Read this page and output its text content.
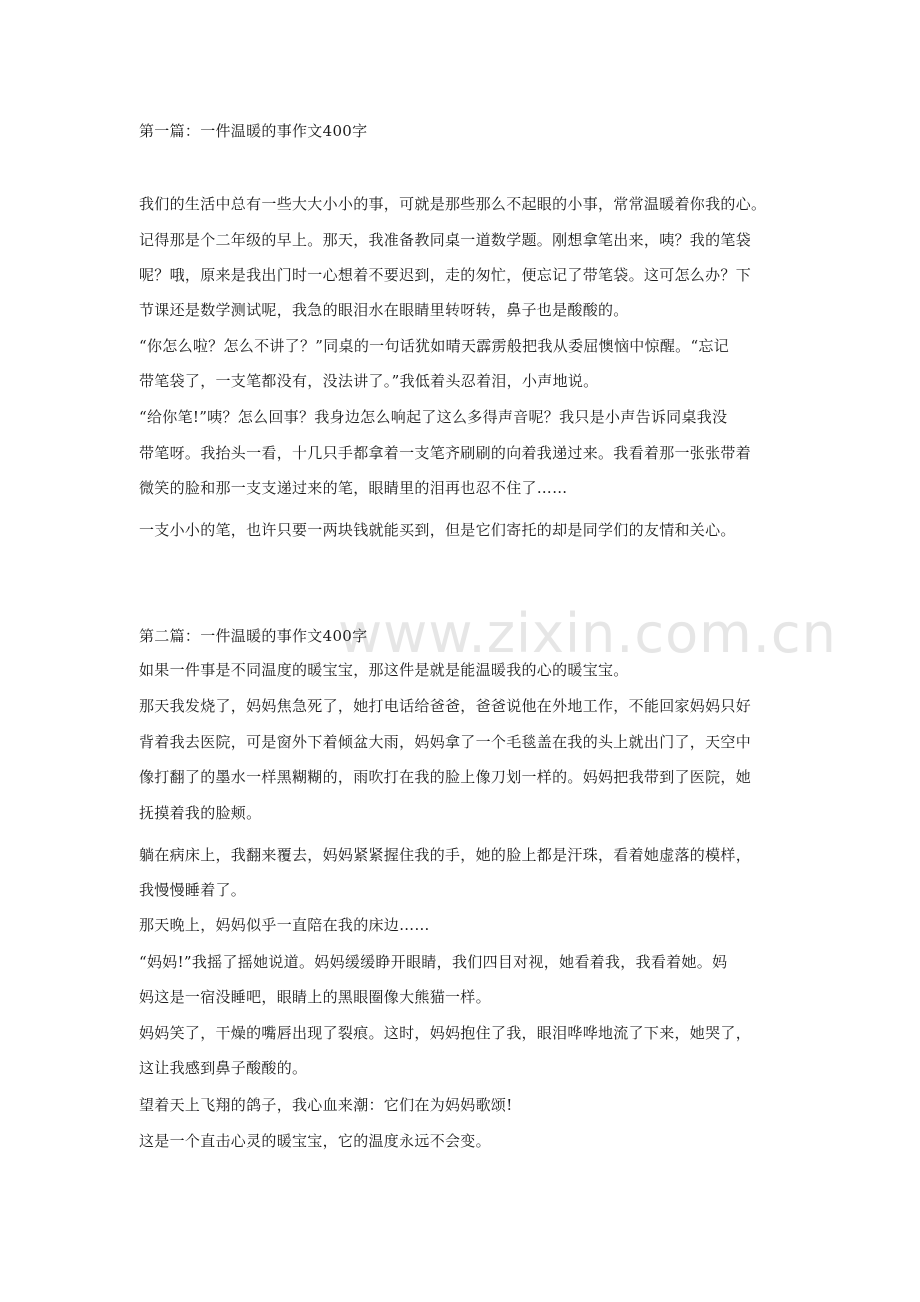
www.zixin.com.cn
第一篇：一件温暖的事作文400字
我们的生活中总有一些大大小小的事，可就是那些那么不起眼的小事，常常温暖着你我的心。
记得那是个二年级的早上。那天，我准备教同桌一道数学题。刚想拿笔出来，咦？我的笔袋
呢？哦，原来是我出门时一心想着不要迟到，走的匆忙，便忘记了带笔袋。这可怎么办？下
节课还是数学测试呢，我急的眼泪水在眼睛里转呀转，鼻子也是酸酸的。
“你怎么啦？怎么不讲了？”同桌的一句话犹如晴天霹雳般把我从委屈懊恼中惊醒。“忘记
带笔袋了，一支笔都没有，没法讲了。”我低着头忍着泪，小声地说。
“给你笔!”咦？怎么回事？我身边怎么响起了这么多得声音呢？我只是小声告诉同桌我没
带笔呀。我抬头一看，十几只手都拿着一支笔齐刷刷的向着我递过来。我看着那一张张带着
微笑的脸和那一支支递过来的笔，眼睛里的泪再也忍不住了……
一支小小的笔，也许只要一两块钱就能买到，但是它们寄托的却是同学们的友情和关心。
第二篇：一件温暖的事作文400字
如果一件事是不同温度的暖宝宝，那这件是就是能温暖我的心的暖宝宝。
那天我发烧了，妈妈焦急死了，她打电话给爸爸，爸爸说他在外地工作，不能回家妈妈只好
背着我去医院，可是窗外下着倾盆大雨，妈妈拿了一个毛毯盖在我的头上就出门了，天空中
像打翻了的墨水一样黑糊糊的，雨吹打在我的脸上像刀划一样的。妈妈把我带到了医院，她
抚摸着我的脸颊。
躺在病床上，我翻来覆去，妈妈紧紧握住我的手，她的脸上都是汗珠，看着她虚落的模样，
我慢慢睡着了。
那天晚上，妈妈似乎一直陪在我的床边……
“妈妈!”我摇了摇她说道。妈妈缓缓睁开眼睛，我们四目对视，她看着我，我看着她。妈
妈这是一宿没睡吧，眼睛上的黑眼圈像大熊猫一样。
妈妈笑了，干燥的嘴唇出现了裂痕。这时，妈妈抱住了我，眼泪哗哗地流了下来，她哭了，
这让我感到鼻子酸酸的。
望着天上飞翔的鸽子，我心血来潮：它们在为妈妈歌颂!
这是一个直击心灵的暖宝宝，它的温度永远不会变。
